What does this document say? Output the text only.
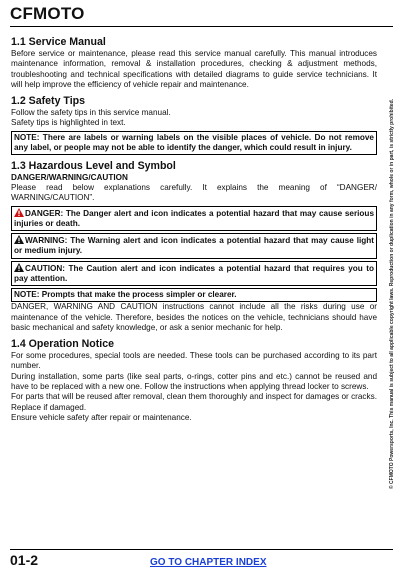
CFMOTO
1.1 Service Manual
Before service or maintenance, please read this service manual carefully. This manual introduces maintenance information, removal & installation procedures, checking & adjustment methods, troubleshooting and technical specifications with detailed diagrams to guide service technicians. It will help improve the efficiency of vehicle repair and maintenance.
1.2 Safety Tips
Follow the safety tips in this service manual.
Safety tips is highlighted in text.
NOTE: There are labels or warning labels on the visible places of vehicle. Do not remove any label, or people may not be able to identify the danger, which could result in injury.
1.3 Hazardous Level and Symbol
DANGER/WARNING/CAUTION
Please read below explanations carefully. It explains the meaning of “DANGER/ WARNING/CAUTION”.
DANGER: The Danger alert and icon indicates a potential hazard that may cause serious injuries or death.
WARNING: The Warning alert and icon indicates a potential hazard that may cause light or medium injury.
CAUTION: The Caution alert and icon indicates a potential hazard that requires you to pay attention.
NOTE: Prompts that make the process simpler or clearer.
DANGER, WARNING AND CAUTION instructions cannot include all the risks during use or maintenance of the vehicle. Therefore, besides the notices on the vehicle, technicians should have basic mechanical and safety knowledge, or ask a senior mechanic for help.
1.4 Operation Notice
For some procedures, special tools are needed. These tools can be purchased according to its part number.
During installation, some parts (like seal parts, o-rings, cotter pins and etc.) cannot be reused and have to be replaced with a new one. Follow the instructions when applying thread locker to screws.
For parts that will be reused after removal, clean them thoroughly and inspect for damages or cracks. Replace if damaged.
Ensure vehicle safety after repair or maintenance.	© CFMOTO Powersports, Inc. This manual is subject to all applicable copyright laws. Reproduction or duplication in any form, whole or in part, is strictly prohibited.
01-2	GO TO CHAPTER INDEX
